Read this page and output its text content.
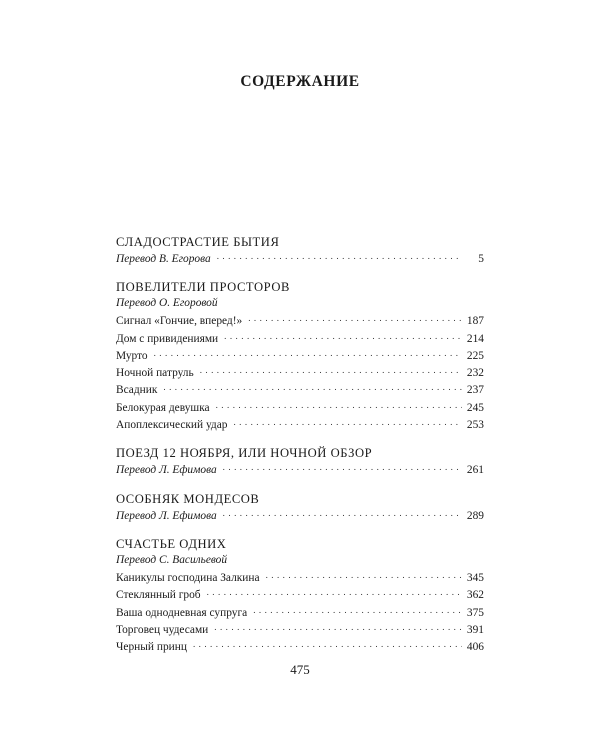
СОДЕРЖАНИЕ
СЛАДОСТРАСТИЕ БЫТИЯ
Перевод В. Егорова . . .	5
ПОВЕЛИТЕЛИ ПРОСТОРОВ
Перевод О. Егоровой
Сигнал «Гончие, вперед!» . . .	187
Дом с привидениями . . .	214
Мурто . . .	225
Ночной патруль . . .	232
Всадник . . .	237
Белокурая девушка . . .	245
Апоплексический удар . . .	253
ПОЕЗД 12 НОЯБРЯ, ИЛИ НОЧНОЙ ОБЗОР
Перевод Л. Ефимова . . .	261
ОСОБНЯК МОНДЕСОВ
Перевод Л. Ефимова . . .	289
СЧАСТЬЕ ОДНИХ
Перевод С. Васильевой
Каникулы господина Залкина . . .	345
Стеклянный гроб . . .	362
Ваша однодневная супруга . . .	375
Торговец чудесами . . .	391
Черный принц . . .	406
475
